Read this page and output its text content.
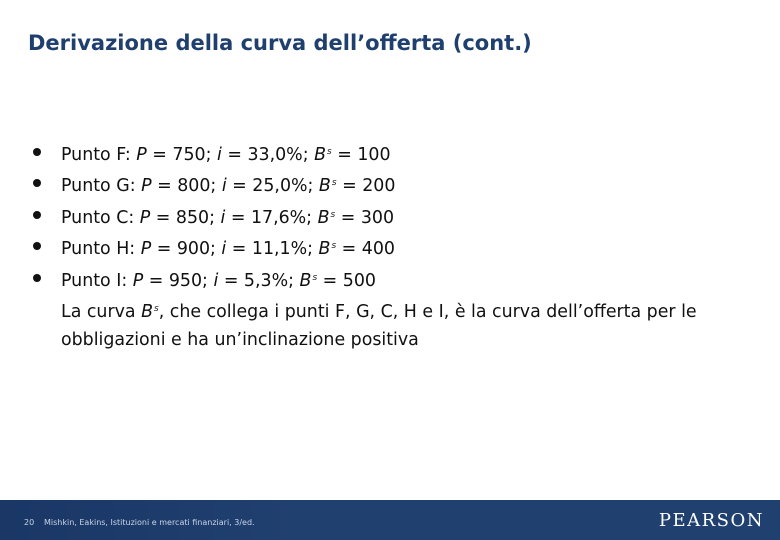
Derivazione della curva dell’offerta (cont.)
Punto F: P = 750; i = 33,0%; $B^s = 100$
Punto G: P = 800; i = 25,0%; $B^s = 200$
Punto C: P = 850; i = 17,6%; $B^s = 300$
Punto H: P = 900; i = 11,1%; $B^s = 400$
Punto I: P = 950; i = 5,3%; $B^s = 500$
La curva $B^s$, che collega i punti F, G, C, H e I, è la curva dell’offerta per le obbligazioni e ha un’inclinazione positiva
20 Mishkin, Eakins, Istituzioni e mercati finanziari, 3/ed.	PEARSON
